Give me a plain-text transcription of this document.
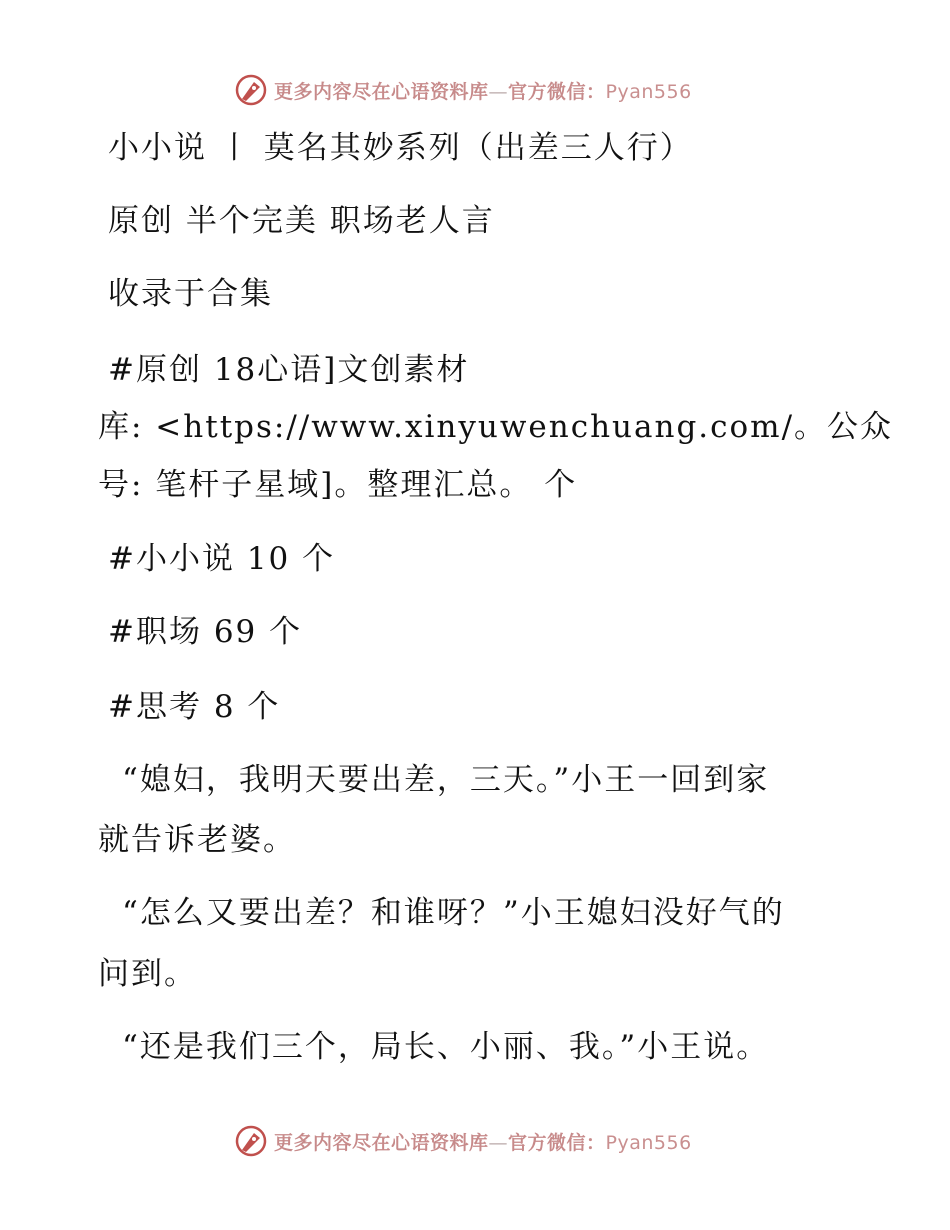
更多内容尽在心语资料库—官方微信：Pyan556
小小说 丨 莫名其妙系列（出差三人行）
原创 半个完美 职场老人言
收录于合集
#原创 18心语]文创素材
库: <https://www.xinyuwenchuang.com/。公众
号: 笔杆子星域]。整理汇总。 个
#小小说 10 个
#职场 69 个
#思考 8 个
“媳妇，我明天要出差，三天。”小王一回到家
就告诉老婆。
“怎么又要出差？和谁呀？”小王媳妇没好气的
问到。
“还是我们三个，局长、小丽、我。”小王说。
更多内容尽在心语资料库—官方微信：Pyan556
